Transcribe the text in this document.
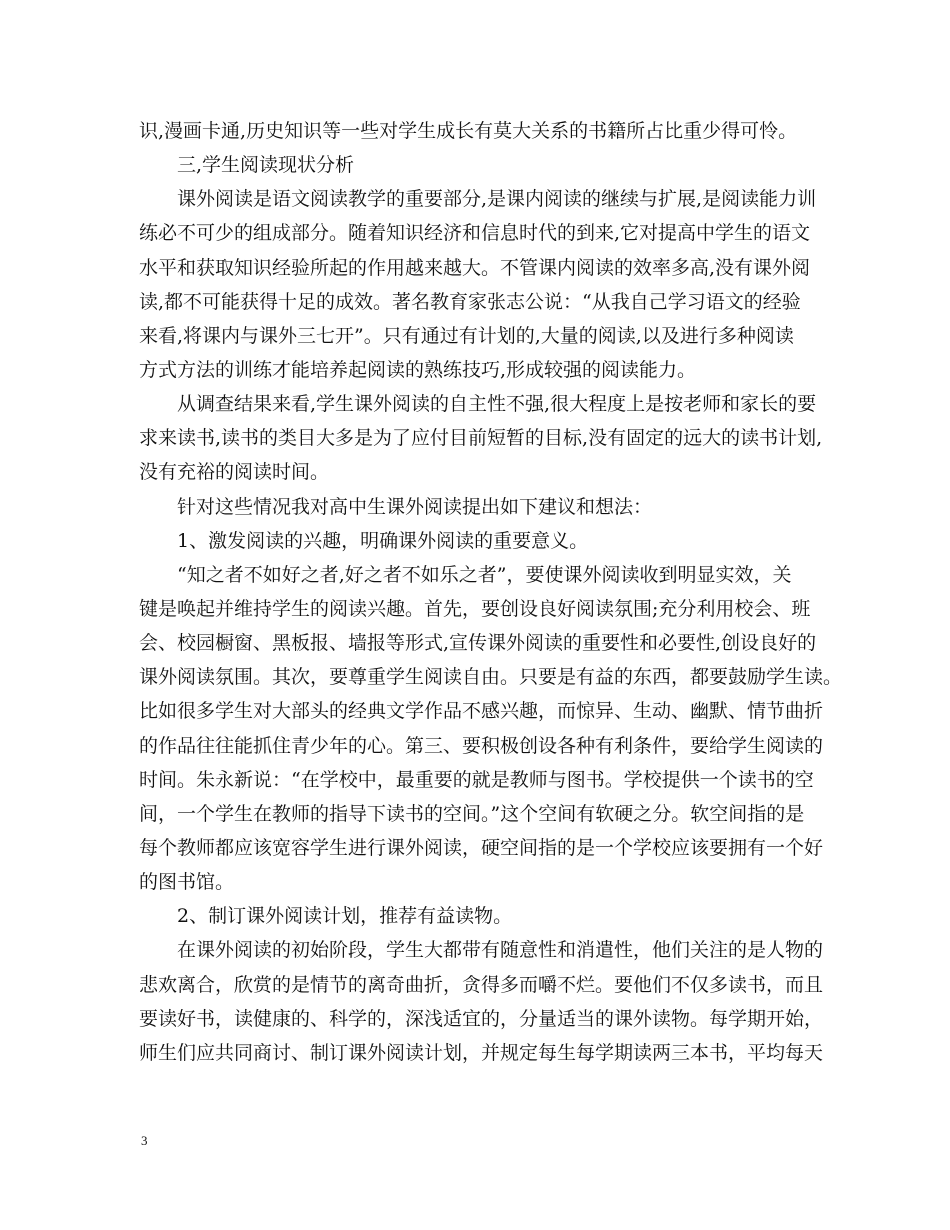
识,漫画卡通,历史知识等一些对学生成长有莫大关系的书籍所占比重少得可怜。
三,学生阅读现状分析
课外阅读是语文阅读教学的重要部分,是课内阅读的继续与扩展,是阅读能力训
练必不可少的组成部分。随着知识经济和信息时代的到来,它对提高中学生的语文
水平和获取知识经验所起的作用越来越大。不管课内阅读的效率多高,没有课外阅
读,都不可能获得十足的成效。著名教育家张志公说：“从我自己学习语文的经验
来看,将课内与课外三七开”。只有通过有计划的,大量的阅读,以及进行多种阅读
方式方法的训练才能培养起阅读的熟练技巧,形成较强的阅读能力。
从调查结果来看,学生课外阅读的自主性不强,很大程度上是按老师和家长的要
求来读书,读书的类目大多是为了应付目前短暂的目标,没有固定的远大的读书计划,
没有充裕的阅读时间。
针对这些情况我对高中生课外阅读提出如下建议和想法：
1、激发阅读的兴趣，明确课外阅读的重要意义。
“知之者不如好之者,好之者不如乐之者”，要使课外阅读收到明显实效，关
键是唤起并维持学生的阅读兴趣。首先，要创设良好阅读氛围;充分利用校会、班
会、校园橱窗、黑板报、墙报等形式,宣传课外阅读的重要性和必要性,创设良好的
课外阅读氛围。其次，要尊重学生阅读自由。只要是有益的东西，都要鼓励学生读。
比如很多学生对大部头的经典文学作品不感兴趣，而惊异、生动、幽默、情节曲折
的作品往往能抓住青少年的心。第三、要积极创设各种有利条件，要给学生阅读的
时间。朱永新说：“在学校中，最重要的就是教师与图书。学校提供一个读书的空
间，一个学生在教师的指导下读书的空间。”这个空间有软硬之分。软空间指的是
每个教师都应该宽容学生进行课外阅读，硬空间指的是一个学校应该要拥有一个好
的图书馆。
2、制订课外阅读计划，推荐有益读物。
在课外阅读的初始阶段，学生大都带有随意性和消遣性，他们关注的是人物的
悲欢离合，欣赏的是情节的离奇曲折，贪得多而嚼不烂。要他们不仅多读书，而且
要读好书，读健康的、科学的，深浅适宜的，分量适当的课外读物。每学期开始，
师生们应共同商讨、制订课外阅读计划，并规定每生每学期读两三本书，平均每天
3
